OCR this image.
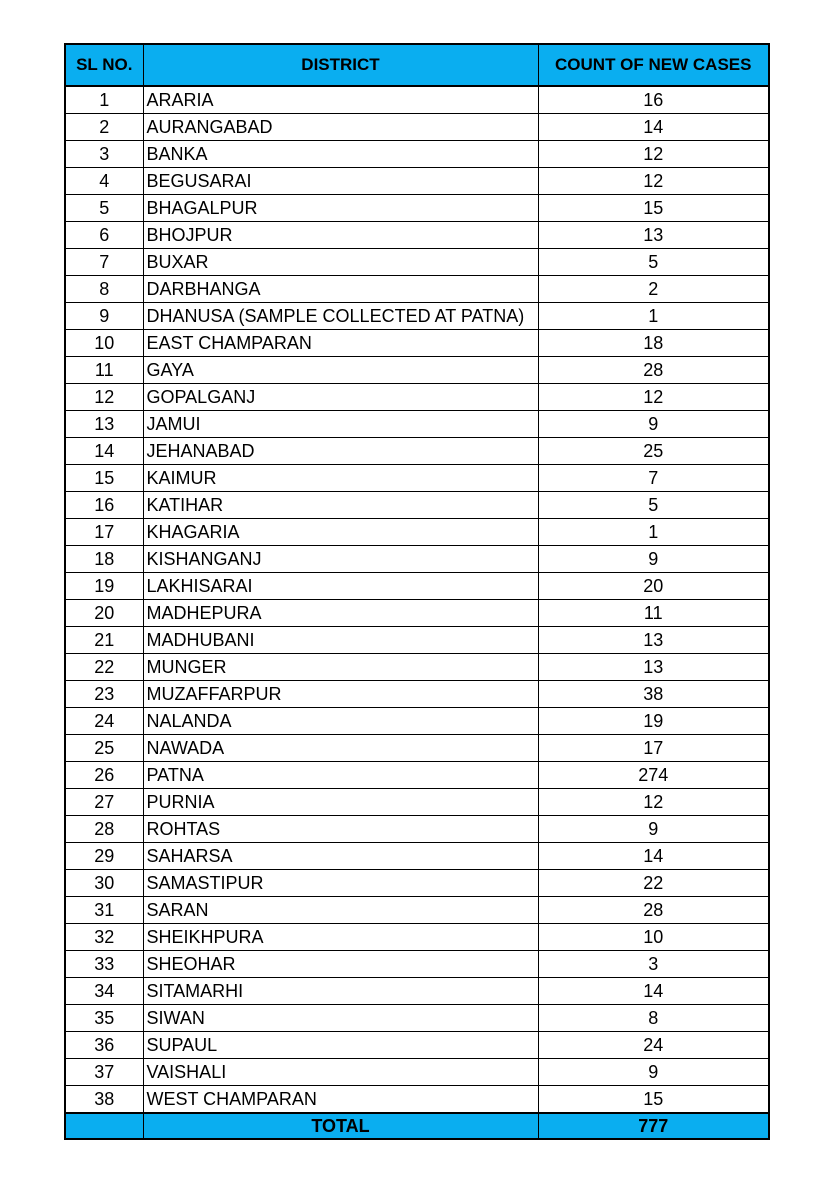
SL NO.	DISTRICT	COUNT OF NEW CASES
1	ARARIA	16
2	AURANGABAD	14
3	BANKA	12
4	BEGUSARAI	12
5	BHAGALPUR	15
6	BHOJPUR	13
7	BUXAR	5
8	DARBHANGA	2
9	DHANUSA (SAMPLE COLLECTED AT PATNA)	1
10	EAST CHAMPARAN	18
11	GAYA	28
12	GOPALGANJ	12
13	JAMUI	9
14	JEHANABAD	25
15	KAIMUR	7
16	KATIHAR	5
17	KHAGARIA	1
18	KISHANGANJ	9
19	LAKHISARAI	20
20	MADHEPURA	11
21	MADHUBANI	13
22	MUNGER	13
23	MUZAFFARPUR	38
24	NALANDA	19
25	NAWADA	17
26	PATNA	274
27	PURNIA	12
28	ROHTAS	9
29	SAHARSA	14
30	SAMASTIPUR	22
31	SARAN	28
32	SHEIKHPURA	10
33	SHEOHAR	3
34	SITAMARHI	14
35	SIWAN	8
36	SUPAUL	24
37	VAISHALI	9
38	WEST CHAMPARAN	15
	TOTAL	777
